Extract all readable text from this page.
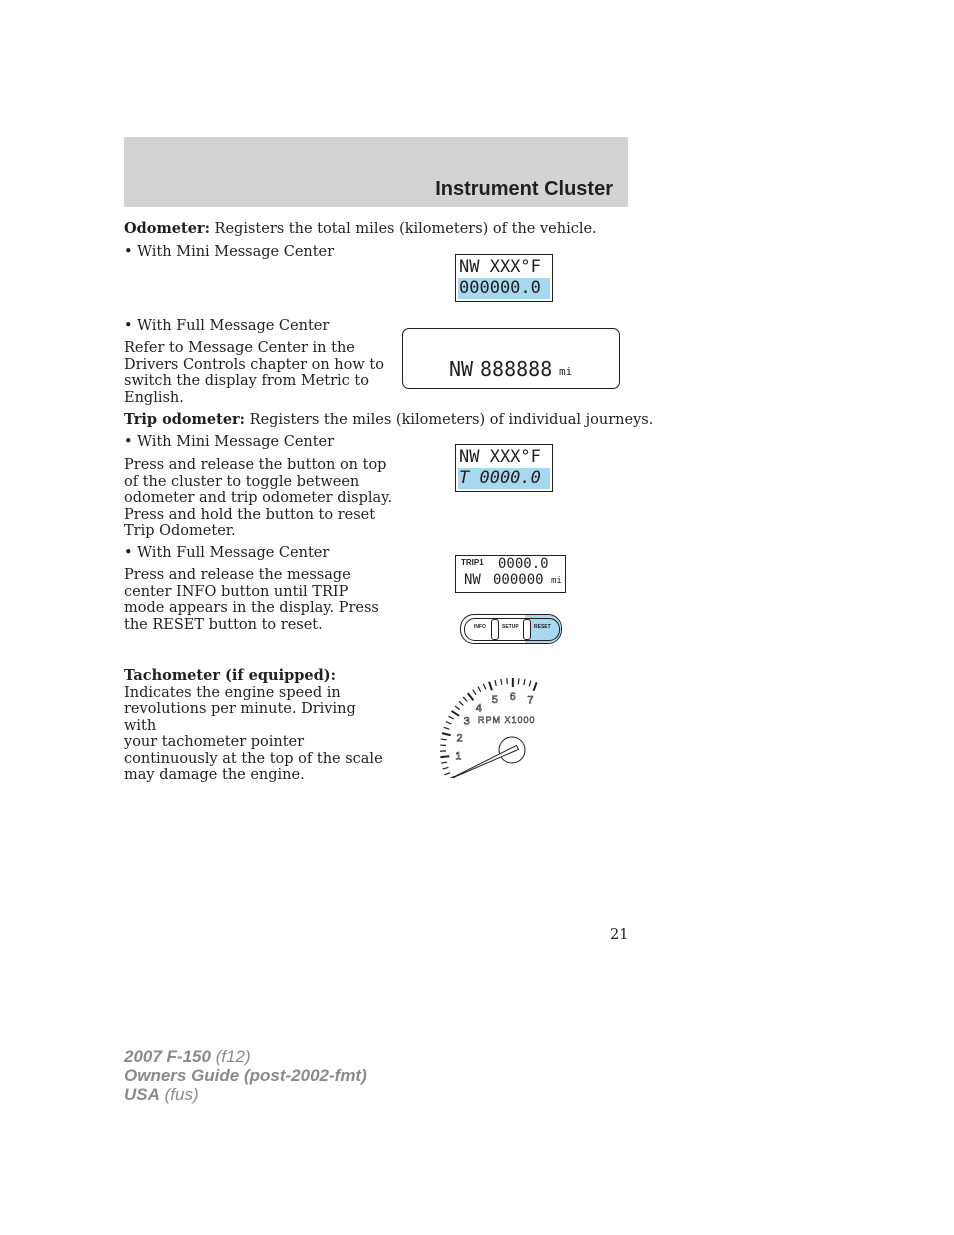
Instrument Cluster
Odometer: Registers the total miles (kilometers) of the vehicle.
• With Mini Message Center
NW XXX°F
000000.0
• With Full Message Center
Refer to Message Center in the
Drivers Controls chapter on how to
switch the display from Metric to
English.
NW 888888 mi
Trip odometer: Registers the miles (kilometers) of individual journeys.
• With Mini Message Center
Press and release the button on top
of the cluster to toggle between
odometer and trip odometer display.
Press and hold the button to reset
Trip Odometer.
NW XXX°F
T 0000.0
• With Full Message Center
Press and release the message
center INFO button until TRIP
mode appears in the display. Press
the RESET button to reset.
TRIP1 0000.0
NW 000000 mi
INFO	SETUP	RESET
Tachometer (if equipped):
Indicates the engine speed in
revolutions per minute. Driving with
your tachometer pointer
continuously at the top of the scale
may damage the engine.
1
2
3
4
5 6 7
RPM X1000
21
2007 F-150 (f12)
Owners Guide (post-2002-fmt)
USA (fus)
